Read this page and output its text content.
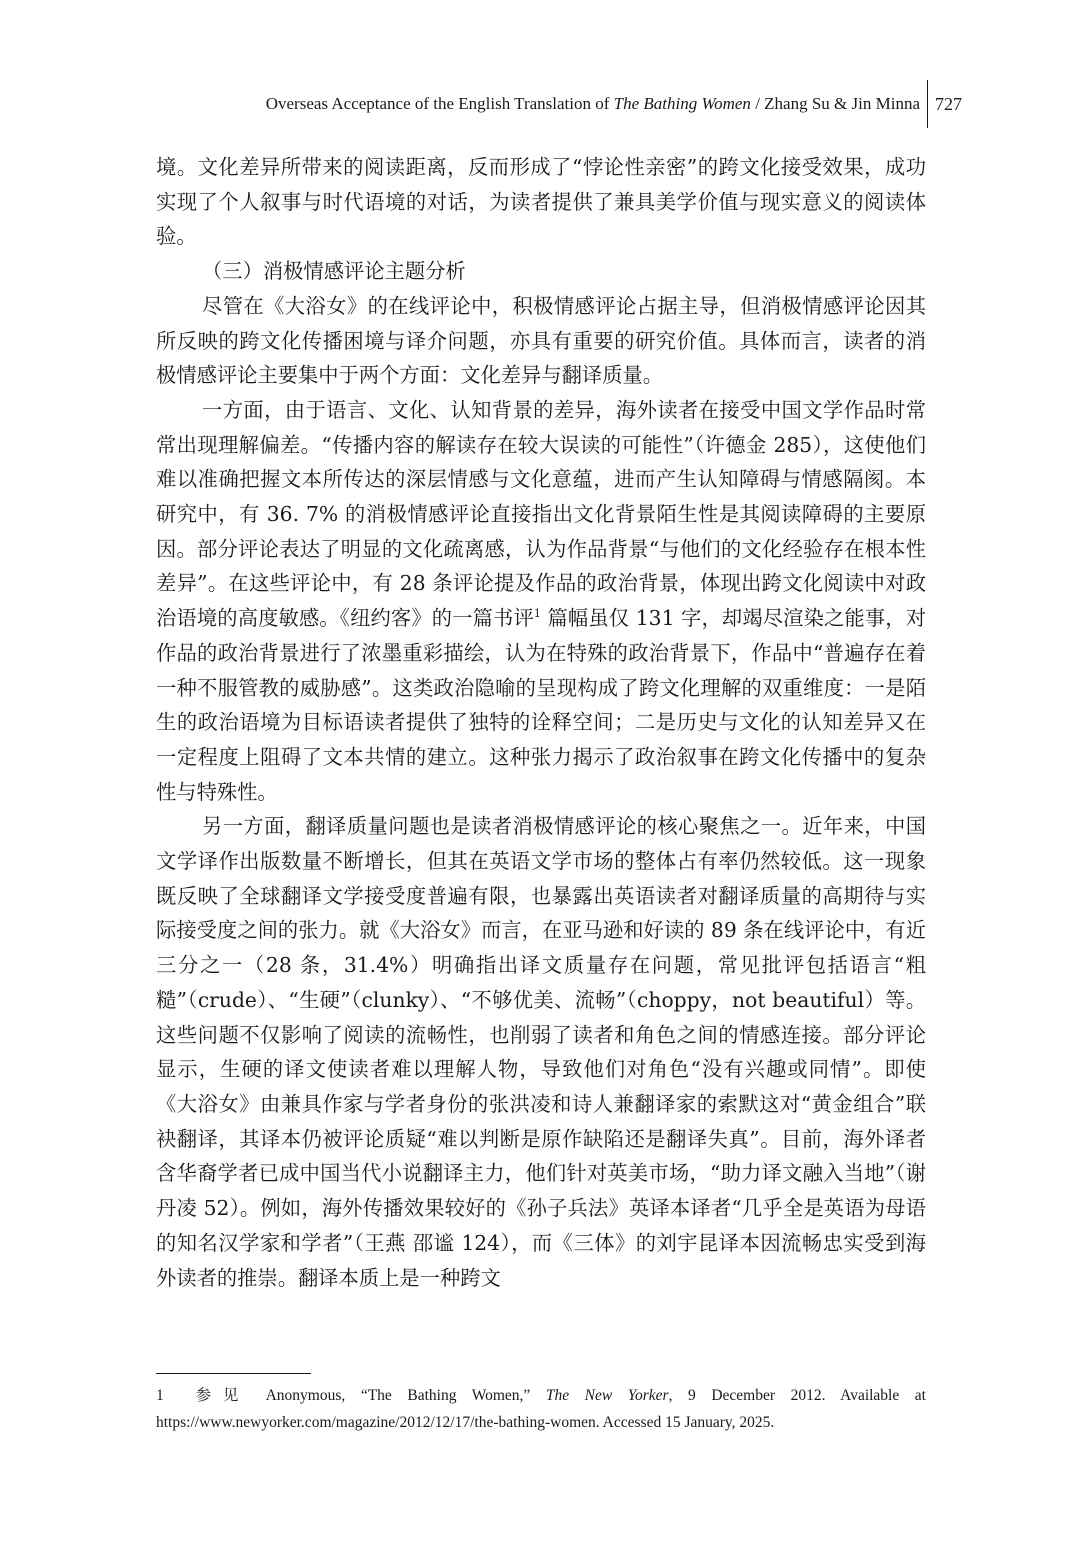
Overseas Acceptance of the English Translation of The Bathing Women / Zhang Su & Jin Minna 727

境。文化差异所带来的阅读距离，反而形成了“悖论性亲密”的跨文化接受效果，成功实现了个人叙事与时代语境的对话，为读者提供了兼具美学价值与现实意义的阅读体验。

（三）消极情感评论主题分析

尽管在《大浴女》的在线评论中，积极情感评论占据主导，但消极情感评论因其所反映的跨文化传播困境与译介问题，亦具有重要的研究价值。具体而言，读者的消极情感评论主要集中于两个方面：文化差异与翻译质量。

一方面，由于语言、文化、认知背景的差异，海外读者在接受中国文学作品时常常出现理解偏差。“传播内容的解读存在较大误读的可能性”（许德金 285），这使他们难以准确把握文本所传达的深层情感与文化意蕴，进而产生认知障碍与情感隔阂。本研究中，有 36. 7% 的消极情感评论直接指出文化背景陌生性是其阅读障碍的主要原因。部分评论表达了明显的文化疏离感，认为作品背景“与他们的文化经验存在根本性差异”。在这些评论中，有 28 条评论提及作品的政治背景，体现出跨文化阅读中对政治语境的高度敏感。《纽约客》的一篇书评$^1$ 篇幅虽仅 131 字，却竭尽渲染之能事，对作品的政治背景进行了浓墨重彩描绘，认为在特殊的政治背景下，作品中“普遍存在着一种不服管教的威胁感”。这类政治隐喻的呈现构成了跨文化理解的双重维度：一是陌生的政治语境为目标语读者提供了独特的诠释空间；二是历史与文化的认知差异又在一定程度上阻碍了文本共情的建立。这种张力揭示了政治叙事在跨文化传播中的复杂性与特殊性。

另一方面，翻译质量问题也是读者消极情感评论的核心聚焦之一。近年来，中国文学译作出版数量不断增长，但其在英语文学市场的整体占有率仍然较低。这一现象既反映了全球翻译文学接受度普遍有限，也暴露出英语读者对翻译质量的高期待与实际接受度之间的张力。就《大浴女》而言，在亚马逊和好读的 89 条在线评论中，有近三分之一（28 条，31.4%）明确指出译文质量存在问题，常见批评包括语言“粗糙”（crude）、“生硬”（clunky）、“不够优美、流畅”（choppy，not beautiful）等。这些问题不仅影响了阅读的流畅性，也削弱了读者和角色之间的情感连接。部分评论显示，生硬的译文使读者难以理解人物，导致他们对角色“没有兴趣或同情”。即使《大浴女》由兼具作家与学者身份的张洪凌和诗人兼翻译家的索默这对“黄金组合”联袂翻译，其译本仍被评论质疑“难以判断是原作缺陷还是翻译失真”。目前，海外译者含华裔学者已成中国当代小说翻译主力，他们针对英美市场，“助力译文融入当地”（谢丹凌 52）。例如，海外传播效果较好的《孙子兵法》英译本译者“几乎全是英语为母语的知名汉学家和学者”（王燕 邵谧 124），而《三体》的刘宇昆译本因流畅忠实受到海外读者的推崇。翻译本质上是一种跨文

1 参见 Anonymous, “The Bathing Women,” The New Yorker, 9 December 2012. Available at https://www.newyorker.com/magazine/2012/12/17/the-bathing-women. Accessed 15 January, 2025.
